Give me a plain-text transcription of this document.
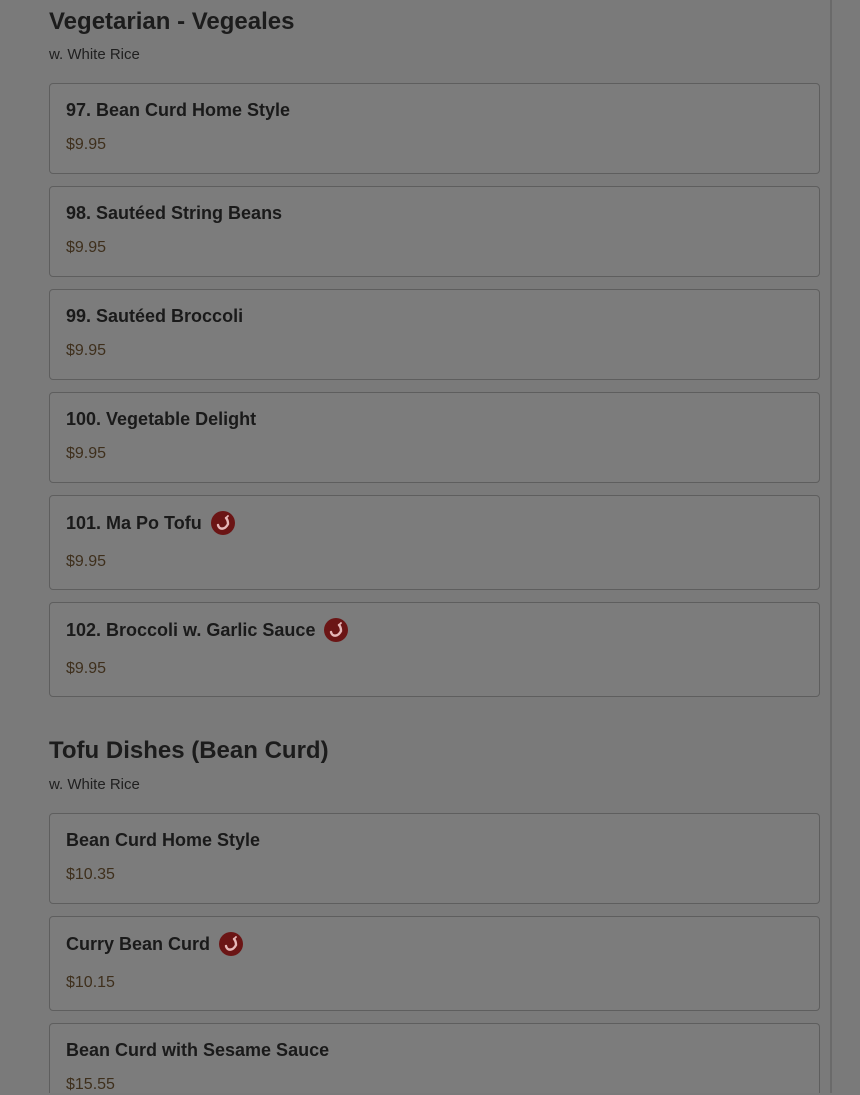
Vegetarian - Vegeales

w. White Rice

97. Bean Curd Home Style
$9.95
98. Sautéed String Beans
$9.95
99. Sautéed Broccoli
$9.95
100. Vegetable Delight
$9.95
101. Ma Po Tofu
$9.95
102. Broccoli w. Garlic Sauce
$9.95
Tofu Dishes (Bean Curd)

w. White Rice

Bean Curd Home Style
$10.35
Curry Bean Curd
$10.15
Bean Curd with Sesame Sauce
$15.55
